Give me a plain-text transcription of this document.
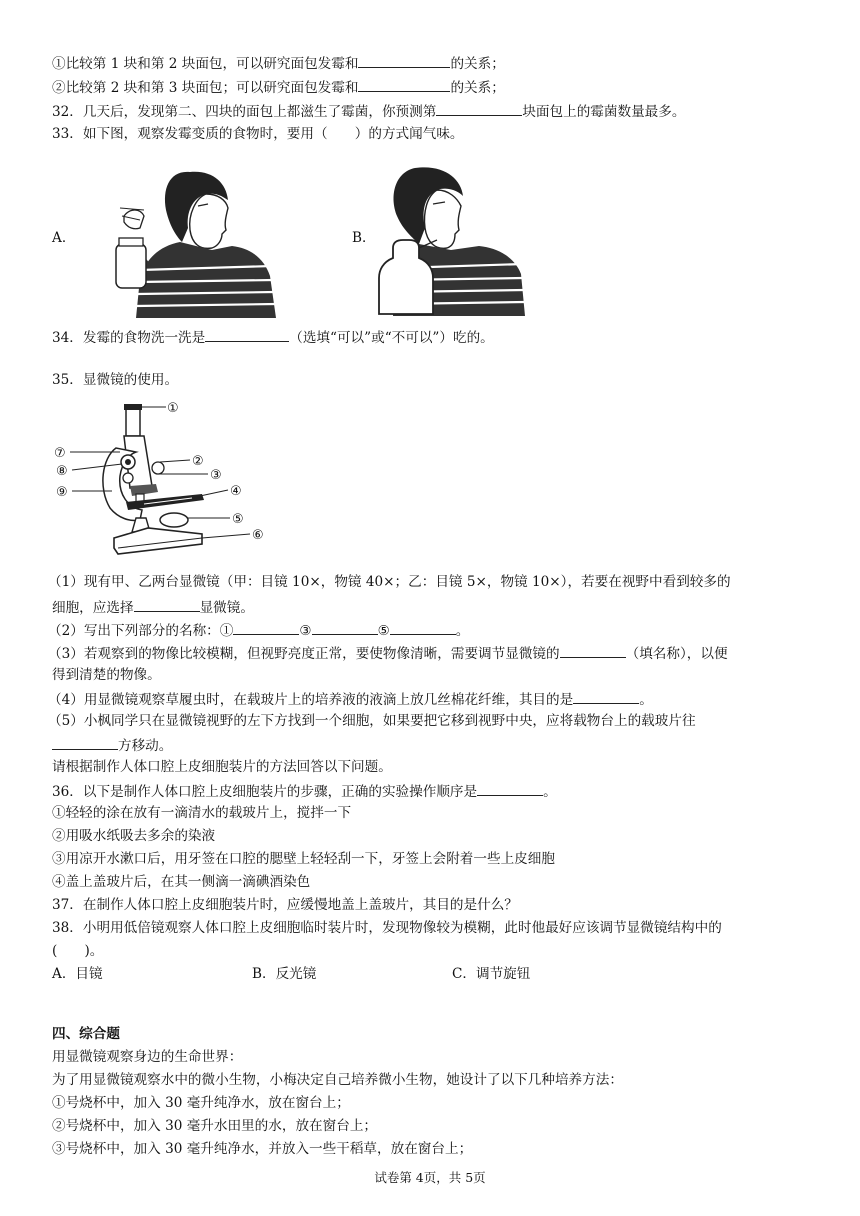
①比较第 1 块和第 2 块面包，可以研究面包发霉和	的关系；
②比较第 2 块和第 3 块面包；可以研究面包发霉和	的关系；
32．几天后，发现第二、四块的面包上都滋生了霉菌，你预测第	块面包上的霉菌数量最多。
33．如下图，观察发霉变质的食物时，要用（　　）的方式闻气味。
A．	B．
34．发霉的食物洗一洗是	（选填“可以”或“不可以”）吃的。
35．显微镜的使用。
①
②
③
④
⑤
⑥
⑦
⑧
⑨
（1）现有甲、乙两台显微镜（甲：目镜 10×，物镜 40×；乙：目镜 5×，物镜 10×），若要在视野中看到较多的
细胞，应选择	显微镜。
（2）写出下列部分的名称：①	③	⑤	。
（3）若观察到的物像比较模糊，但视野亮度正常，要使物像清晰，需要调节显微镜的	（填名称），以便
得到清楚的物像。
（4）用显微镜观察草履虫时，在载玻片上的培养液的液滴上放几丝棉花纤维，其目的是	。
（5）小枫同学只在显微镜视野的左下方找到一个细胞，如果要把它移到视野中央，应将载物台上的载玻片往
方移动。
请根据制作人体口腔上皮细胞装片的方法回答以下问题。
36．以下是制作人体口腔上皮细胞装片的步骤，正确的实验操作顺序是	。
①轻轻的涂在放有一滴清水的载玻片上，搅拌一下
②用吸水纸吸去多余的染液
③用凉开水漱口后，用牙签在口腔的腮壁上轻轻刮一下，牙签上会附着一些上皮细胞
④盖上盖玻片后，在其一侧滴一滴碘酒染色
37．在制作人体口腔上皮细胞装片时，应缓慢地盖上盖玻片，其目的是什么？
38．小明用低倍镜观察人体口腔上皮细胞临时装片时，发现物像较为模糊，此时他最好应该调节显微镜结构中的
(　　)。
A．目镜	B．反光镜	C．调节旋钮
四、综合题
用显微镜观察身边的生命世界：
为了用显微镜观察水中的微小生物，小梅决定自己培养微小生物，她设计了以下几种培养方法：
①号烧杯中，加入 30 毫升纯净水，放在窗台上；
②号烧杯中，加入 30 毫升水田里的水，放在窗台上；
③号烧杯中，加入 30 毫升纯净水，并放入一些干稻草，放在窗台上；
试卷第 4页，共 5页
